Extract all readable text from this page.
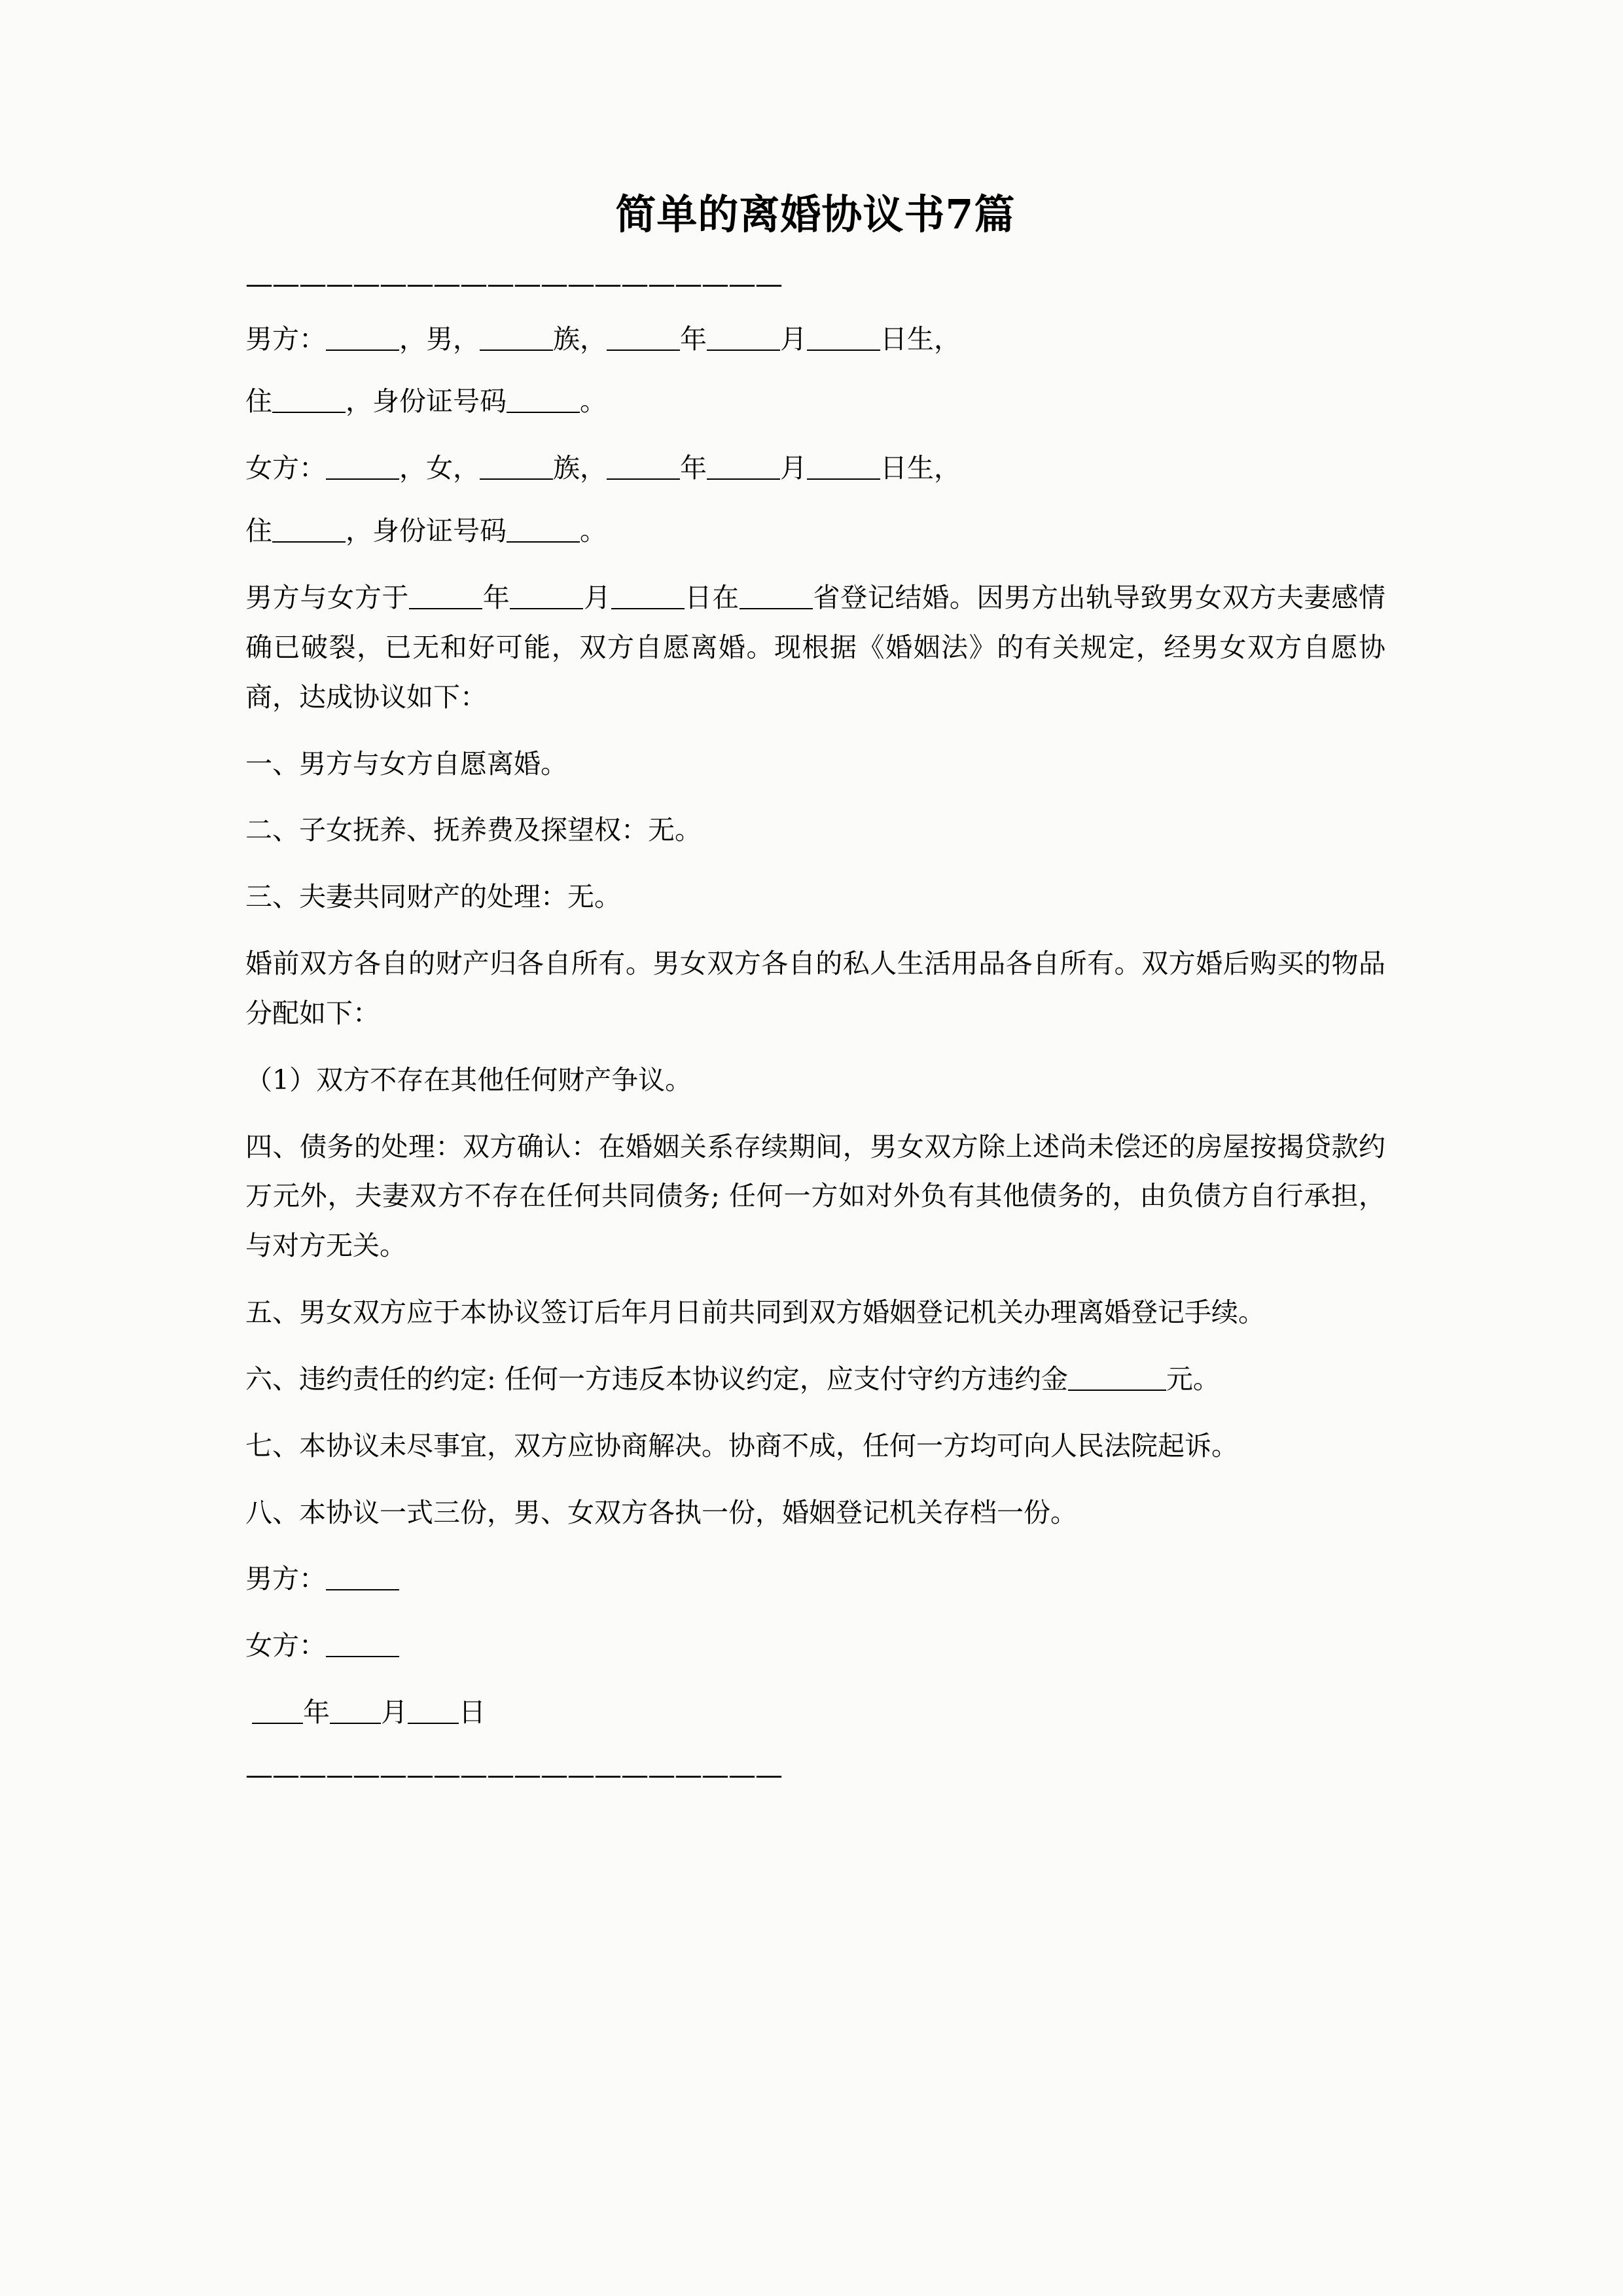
简单的离婚协议书7篇
————————————————————

男方：	，男，	族，	年	月	日生，

住	，身份证号码	。

女方：	，女，	族，	年	月	日生，

住	，身份证号码	。

男方与女方于	年	月	日在	省登记结婚。因男方出轨导致男女双方夫妻感情确已破裂，已无和好可能，双方自愿离婚。现根据《婚姻法》的有关规定，经男女双方自愿协商，达成协议如下：

一、男方与女方自愿离婚。

二、子女抚养、抚养费及探望权：无。

三、夫妻共同财产的处理：无。

婚前双方各自的财产归各自所有。男女双方各自的私人生活用品各自所有。双方婚后购买的物品分配如下：

（1）双方不存在其他任何财产争议。

四、债务的处理：双方确认：在婚姻关系存续期间，男女双方除上述尚未偿还的房屋按揭贷款约万元外，夫妻双方不存在任何共同债务; 任何一方如对外负有其他债务的，由负债方自行承担，与对方无关。

五、男女双方应于本协议签订后年月日前共同到双方婚姻登记机关办理离婚登记手续。

六、违约责任的约定: 任何一方违反本协议约定，应支付守约方违约金	元。

七、本协议未尽事宜，双方应协商解决。协商不成，任何一方均可向人民法院起诉。

八、本协议一式三份，男、女双方各执一份，婚姻登记机关存档一份。

男方：

女方：

年 月 日

————————————————————
